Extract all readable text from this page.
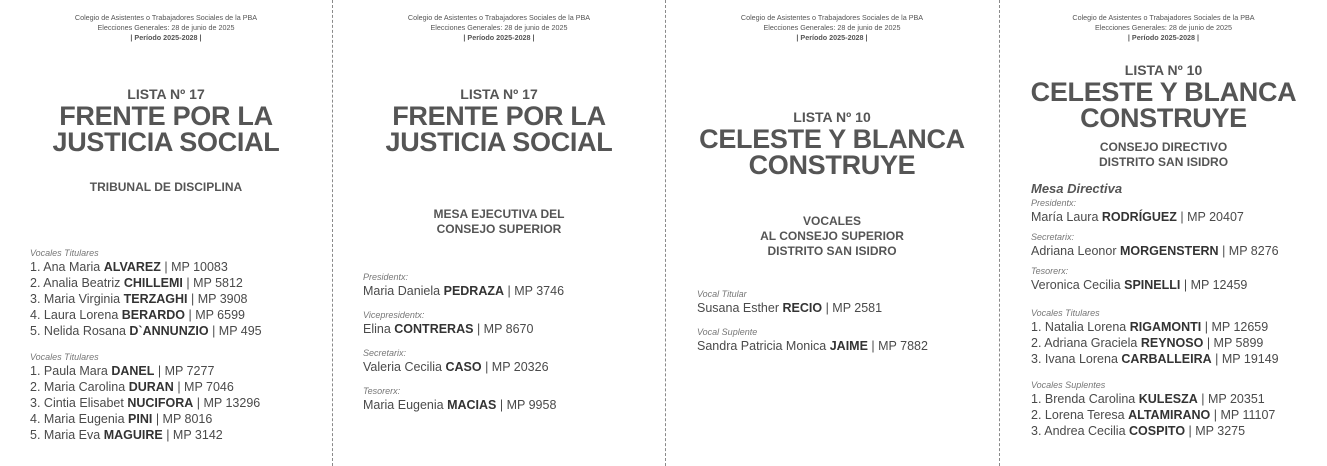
Colegio de Asistentes o Trabajadores Sociales de la PBA
Elecciones Generales: 28 de junio de 2025
| Período 2025-2028 |
LISTA Nº 17
FRENTE POR LA
JUSTICIA SOCIAL
TRIBUNAL DE DISCIPLINA
Vocales Titulares
1. Ana Maria ALVAREZ | MP 10083
2. Analia Beatriz CHILLEMI | MP 5812
3. Maria Virginia TERZAGHI | MP 3908
4. Laura Lorena BERARDO | MP 6599
5. Nelida Rosana D`ANNUNZIO | MP 495
Vocales Titulares
1. Paula Mara DANEL | MP 7277
2. Maria Carolina DURAN | MP 7046
3. Cintia Elisabet NUCIFORA | MP 13296
4. Maria Eugenia PINI | MP 8016
5. Maria Eva MAGUIRE | MP 3142
Colegio de Asistentes o Trabajadores Sociales de la PBA
Elecciones Generales: 28 de junio de 2025
| Período 2025-2028 |
LISTA Nº 17
FRENTE POR LA
JUSTICIA SOCIAL
MESA EJECUTIVA DEL
CONSEJO SUPERIOR
Presidentx:
Maria Daniela PEDRAZA | MP 3746
Vicepresidentx:
Elina CONTRERAS | MP 8670
Secretarix:
Valeria Cecilia CASO | MP 20326
Tesorerx:
Maria Eugenia MACIAS | MP 9958
Colegio de Asistentes o Trabajadores Sociales de la PBA
Elecciones Generales: 28 de junio de 2025
| Período 2025-2028 |
LISTA Nº 10
CELESTE Y BLANCA
CONSTRUYE
VOCALES
AL CONSEJO SUPERIOR
DISTRITO SAN ISIDRO
Vocal Titular
Susana Esther RECIO | MP 2581
Vocal Suplente
Sandra Patricia Monica JAIME | MP 7882
Colegio de Asistentes o Trabajadores Sociales de la PBA
Elecciones Generales: 28 de junio de 2025
| Período 2025-2028 |
LISTA Nº 10
CELESTE Y BLANCA
CONSTRUYE
CONSEJO DIRECTIVO
DISTRITO SAN ISIDRO
Mesa Directiva
Presidentx:
María Laura RODRÍGUEZ | MP 20407
Secretarix:
Adriana Leonor MORGENSTERN | MP 8276
Tesorerx:
Veronica Cecilia SPINELLI | MP 12459
Vocales Titulares
1. Natalia Lorena RIGAMONTI | MP 12659
2. Adriana Graciela REYNOSO | MP 5899
3. Ivana Lorena CARBALLEIRA | MP 19149
Vocales Suplentes
1. Brenda Carolina KULESZA | MP 20351
2. Lorena Teresa ALTAMIRANO | MP 11107
3. Andrea Cecilia COSPITO | MP 3275
